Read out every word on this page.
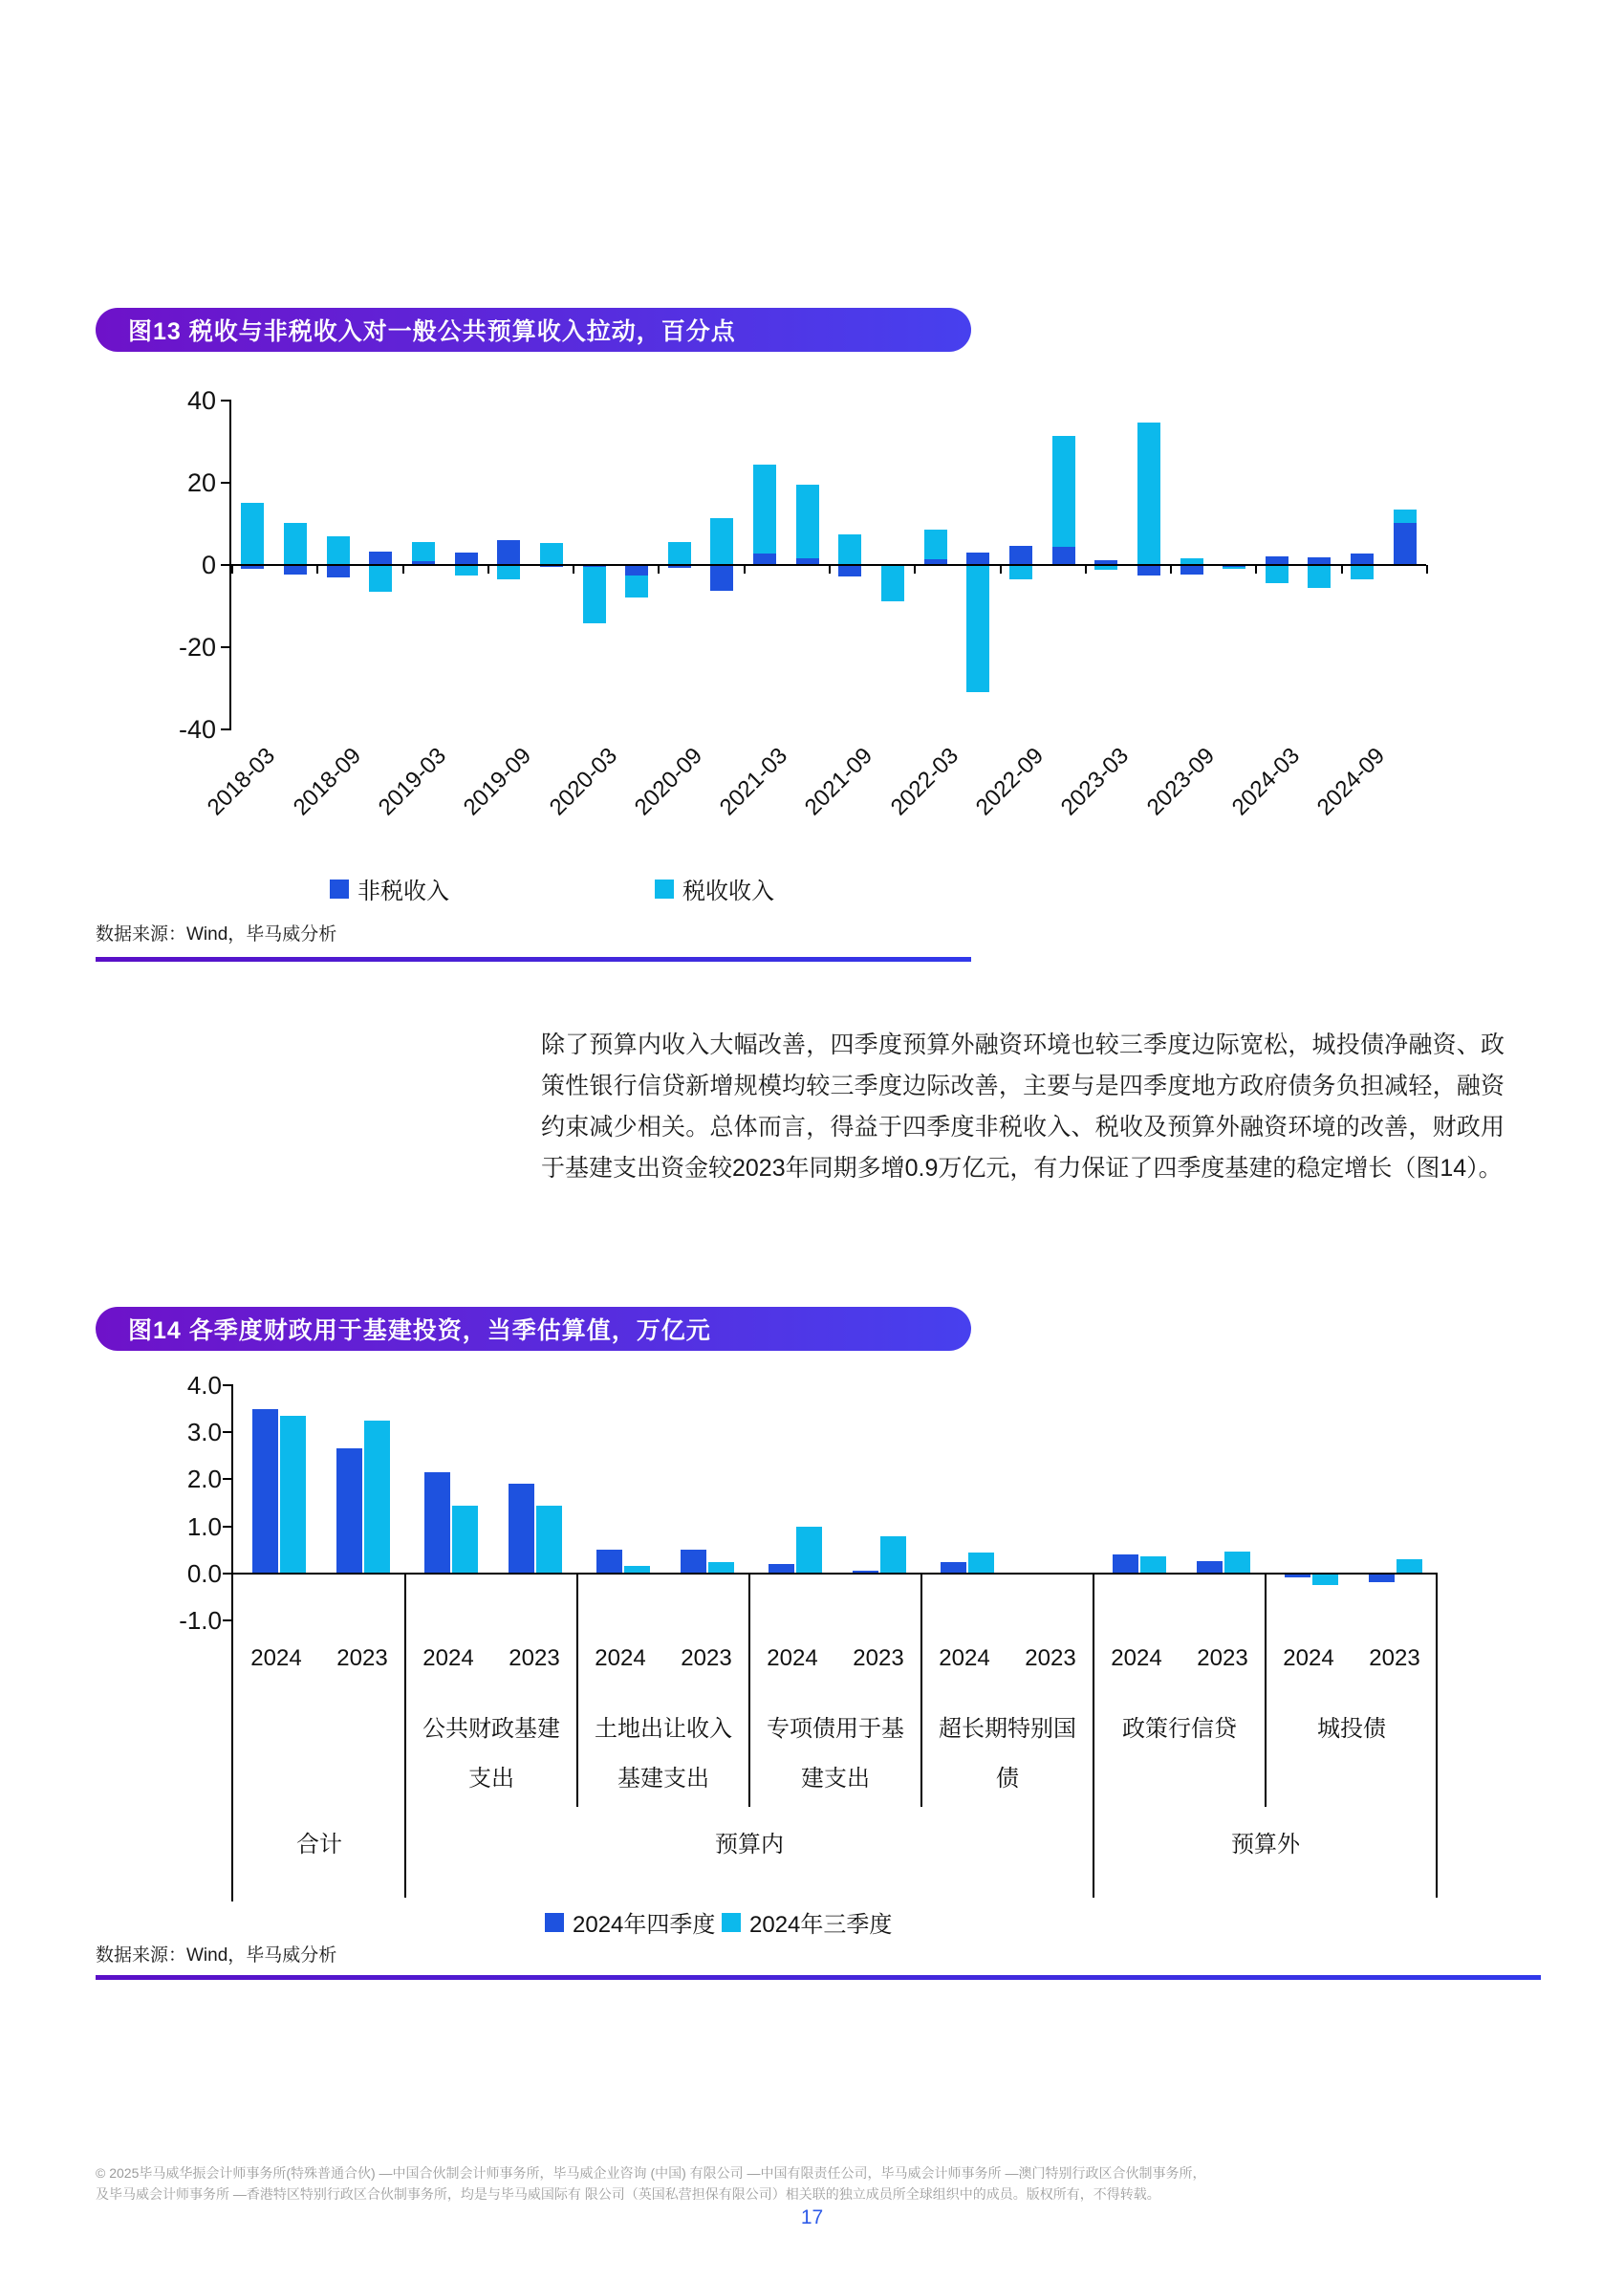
图13 税收与非税收入对一般公共预算收入拉动，百分点
40
20
0
-20
-40
2018-03 2018-09 2019-03 2019-09 2020-03 2020-09 2021-03 2021-09 2022-03 2022-09 2023-03 2023-09 2024-03 2024-09
非税收入	税收收入
数据来源：Wind，毕马威分析
除了预算内收入大幅改善，四季度预算外融资环境也较三季度边际宽松，城投债净融资、政策性银行信贷新增规模均较三季度边际改善，主要与是四季度地方政府债务负担减轻，融资约束减少相关。总体而言，得益于四季度非税收入、税收及预算外融资环境的改善，财政用于基建支出资金较2023年同期多增0.9万亿元，有力保证了四季度基建的稳定增长（图14）。
图14 各季度财政用于基建投资，当季估算值，万亿元
4.0
3.0
2.0
1.0
0.0
-1.0
2024	2023	2024	2023
公共财政基建
支出
2024	2023
土地出让收入
基建支出
2024	2023
专项债用于基
建支出
2024	2023
超长期特别国
债
2024	2023
政策行信贷
2024	2023
城投债
合计	预算内	预算外
2024年四季度 2024年三季度
数据来源：Wind，毕马威分析
© 2025毕马威华振会计师事务所(特殊普通合伙) —中国合伙制会计师事务所，毕马威企业咨询 (中国) 有限公司 —中国有限责任公司，毕马威会计师事务所 —澳门特别行政区合伙制事务所，
及毕马威会计师事务所 —香港特区特别行政区合伙制事务所，均是与毕马威国际有 限公司（英国私营担保有限公司）相关联的独立成员所全球组织中的成员。版权所有，不得转载。
17
